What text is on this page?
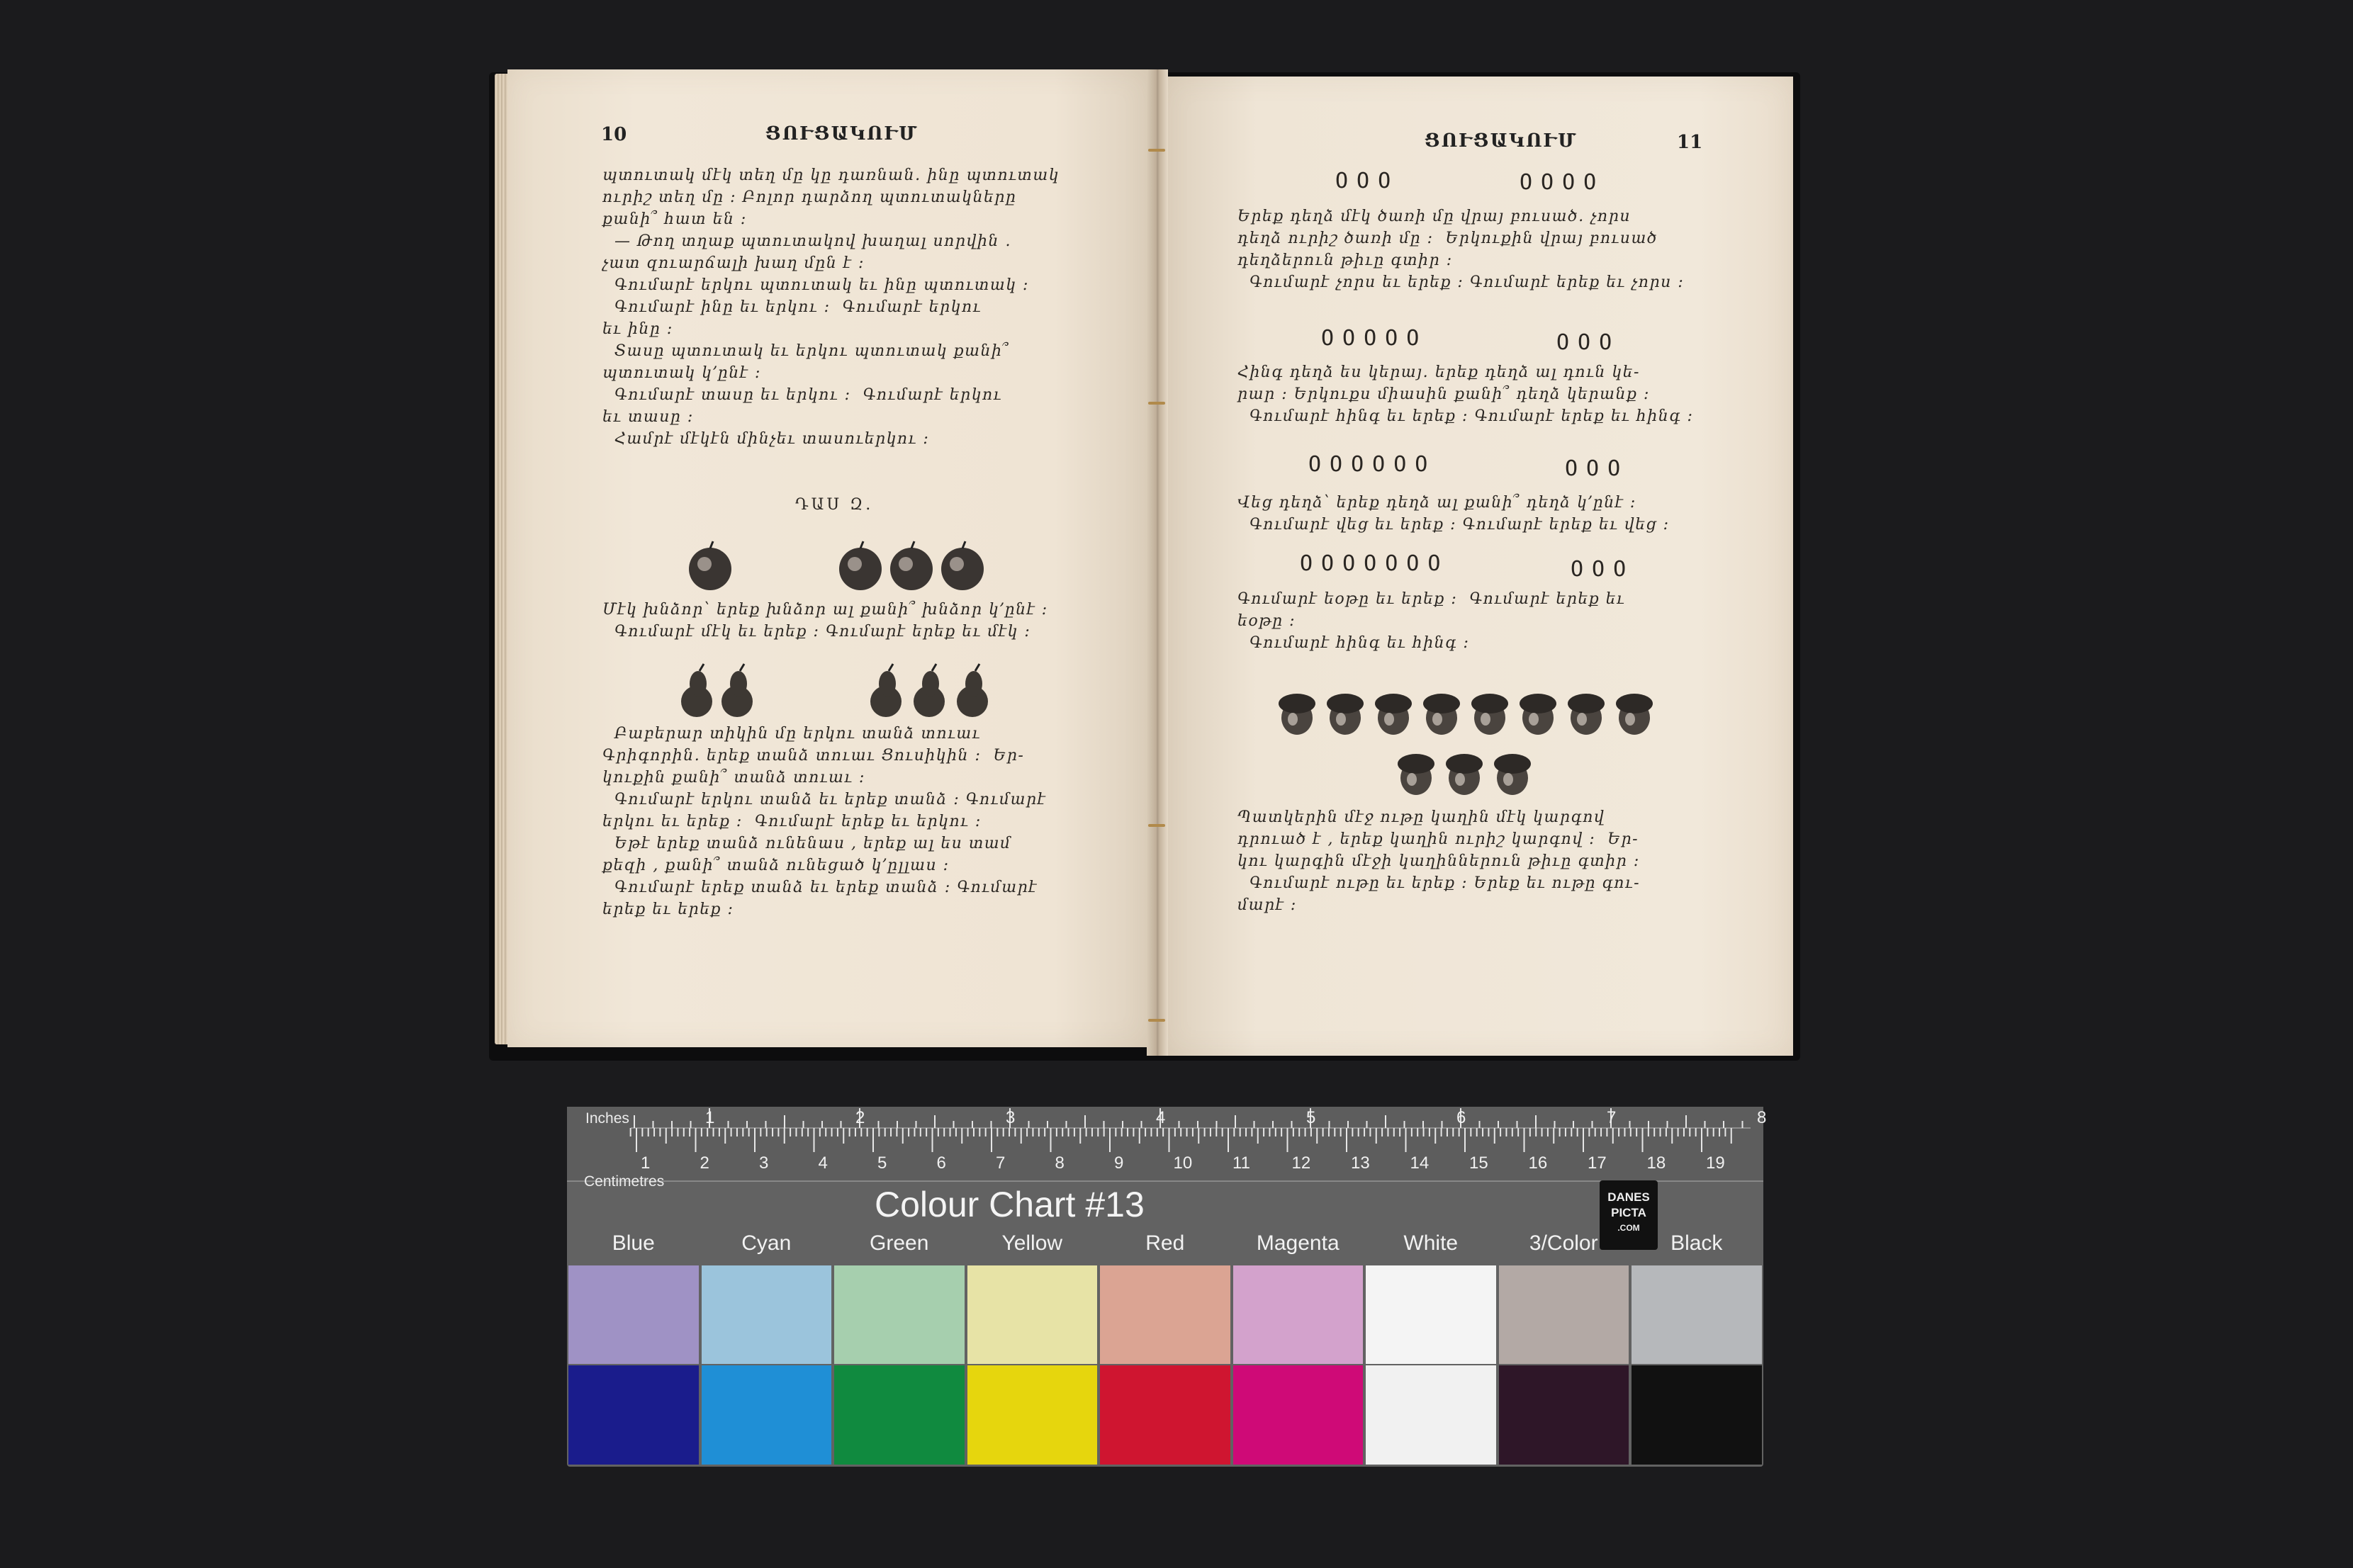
10	ՑՈՒՑԱԿՈՒՄ
պտուտակ մէկ տեղ մը կը դառնան․ ինը պտուտակ
ուրիշ տեղ մը ։ Բոլոր դարձող պտուտակները
քանի՞ հատ են ։
— Թող տղաք պտուտակով խաղալ սորվին ․
չատ զուարճալի խաղ մըն է ։
Գումարէ երկու պտուտակ եւ ինը պտուտակ ։
Գումարէ ինը եւ երկու ։  Գումարէ երկու
եւ ինը ։
Տասը պտուտակ եւ երկու պտուտակ քանի՞
պտուտակ կ՚ընէ ։
Գումարէ տասը եւ երկու ։  Գումարէ երկու
եւ տասը ։
Համրէ մէկէն մինչեւ տասուերկու ։
ԴԱՍ Զ.
Մէկ խնձոր՝ երեք խնձոր ալ քանի՞ խնձոր կ՚ընէ ։
Գումարէ մէկ եւ երեք ։ Գումարէ երեք եւ մէկ ։
Բաբերար տիկին մը երկու տանձ տուաւ
Գրիգորին․ երեք տանձ տուաւ Ցուսիկին ։  Եր-
կուքին քանի՞ տանձ տուաւ ։
Գումարէ երկու տանձ եւ երեք տանձ ։ Գումարէ
երկու եւ երեք ։  Գումարէ երեք եւ երկու ։
Եթէ երեք տանձ ունենաս , երեք ալ ես տամ
քեզի , քանի՞ տանձ ունեցած կ՚ըլլաս ։
Գումարէ երեք տանձ եւ երեք տանձ ։ Գումարէ
երեք եւ երեք ։
ՑՈՒՑԱԿՈՒՄ	11
OOO	OOOO
Երեք դեղձ մէկ ծառի մը վրայ բուսած․ չորս
դեղձ ուրիշ ծառի մը ։  Երկուքին վրայ բուսած
դեղձերուն թիւը գտիր ։
Գումարէ չորս եւ երեք ։ Գումարէ երեք եւ չորս ։
OOOOO	OOO
Հինգ դեղձ ես կերայ․ երեք դեղձ ալ դուն կե-
րար ։ Երկուքս միասին քանի՞ դեղձ կերանք ։
Գումարէ հինգ եւ երեք ։ Գումարէ երեք եւ հինգ ։
OOOOOO	OOO
Վեց դեղձ՝ երեք դեղձ ալ քանի՞ դեղձ կ՚ընէ ։
Գումարէ վեց եւ երեք ։ Գումարէ երեք եւ վեց ։
OOOOOOO	OOO
Գումարէ եօթը եւ երեք ։  Գումարէ երեք եւ
եօթը ։
Գումարէ հինգ եւ հինգ ։
Պատկերին մէջ ութը կաղին մէկ կարգով
դրուած է , երեք կաղին ուրիշ կարգով ։  Եր-
կու կարգին մէջի կաղիններուն թիւը գտիր ։
Գումարէ ութը եւ երեք ։ Երեք եւ ութը գու-
մարէ ։
Inches
Centimetres
1	2	3	4	5	6	7	8
1	2	3	4	5	6	7	8	9	10 11 12 13 14 15 16 17 18 19
Colour Chart #13	DANES
PICTA
.COM
Blue	Cyan	Green	Yellow	Red	Magenta	White	3/Color	Black
